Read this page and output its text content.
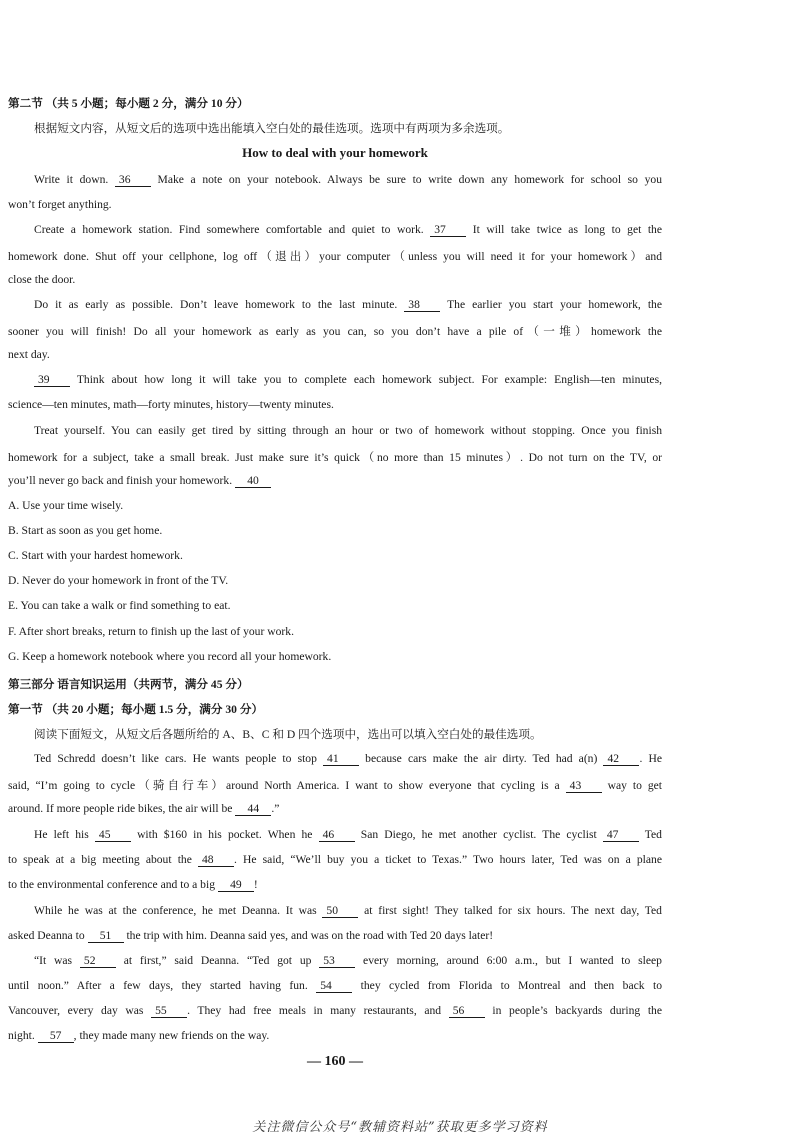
第二节 （共 5 小题；每小题 2 分，满分 10 分）
根据短文内容，从短文后的选项中选出能填入空白处的最佳选项。选项中有两项为多余选项。
How to deal with your homework
Write it down. 36 Make a note on your notebook. Always be sure to write down any homework for school so you
won’t forget anything.
Create a homework station. Find somewhere comfortable and quiet to work. 37 It will take twice as long to get the
homework done. Shut off your cellphone, log off（退出）your computer（unless you will need it for your homework）and
close the door.
Do it as early as possible. Don’t leave homework to the last minute. 38 The earlier you start your homework, the
sooner you will finish! Do all your homework as early as you can, so you don’t have a pile of（一堆）homework the
next day.
39 Think about how long it will take you to complete each homework subject. For example: English—ten minutes,
science—ten minutes, math—forty minutes, history—twenty minutes.
Treat yourself. You can easily get tired by sitting through an hour or two of homework without stopping. Once you finish
homework for a subject, take a small break. Just make sure it’s quick（no more than 15 minutes）. Do not turn on the TV, or
you’ll never go back and finish your homework. 40
A. Use your time wisely.
B. Start as soon as you get home.
C. Start with your hardest homework.
D. Never do your homework in front of the TV.
E. You can take a walk or find something to eat.
F. After short breaks, return to finish up the last of your work.
G. Keep a homework notebook where you record all your homework.
第三部分 语言知识运用（共两节，满分 45 分）
第一节 （共 20 小题；每小题 1.5 分，满分 30 分）
阅读下面短文，从短文后各题所给的 A、B、C 和 D 四个选项中，选出可以填入空白处的最佳选项。
Ted Schredd doesn’t like cars. He wants people to stop 41 because cars make the air dirty. Ted had a(n) 42 . He
said, “I’m going to cycle（骑自行车）around North America. I want to show everyone that cycling is a 43 way to get
around. If more people ride bikes, the air will be 44 .”
He left his 45 with $160 in his pocket. When he 46 San Diego, he met another cyclist. The cyclist 47 Ted
to speak at a big meeting about the 48 . He said, “We’ll buy you a ticket to Texas.” Two hours later, Ted was on a plane
to the environmental conference and to a big 49 !
While he was at the conference, he met Deanna. It was 50 at first sight! They talked for six hours. The next day, Ted
asked Deanna to 51 the trip with him. Deanna said yes, and was on the road with Ted 20 days later!
“It was 52 at first,” said Deanna. “Ted got up 53 every morning, around 6:00 a.m., but I wanted to sleep
until noon.” After a few days, they started having fun. 54 they cycled from Florida to Montreal and then back to
Vancouver, every day was 55 . They had free meals in many restaurants, and 56 in people’s backyards during the
night. 57 , they made many new friends on the way.
— 160 —
关注微信公众号“教辅资料站”获取更多学习资料
